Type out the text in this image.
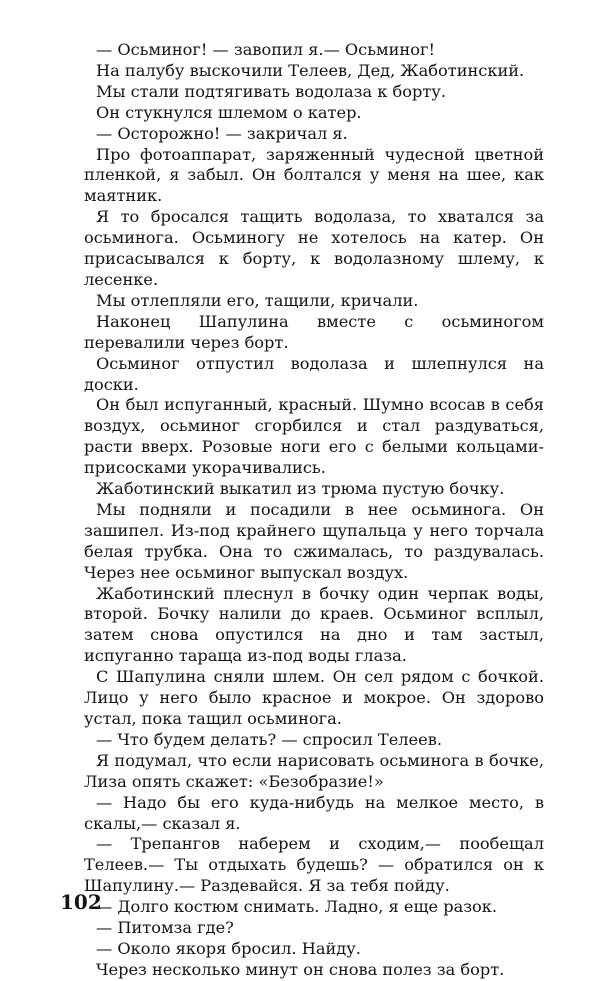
— Осьминог! — завопил я.— Осьминог!

На палубу выскочили Телеев, Дед, Жаботинский.

Мы стали подтягивать водолаза к борту.

Он стукнулся шлемом о катер.

— Осторожно! — закричал я.

Про фотоаппарат, заряженный чудесной цветной пленкой, я забыл. Он болтался у меня на шее, как маятник.

Я то бросался тащить водолаза, то хватался за осьминога. Осьминогу не хотелось на катер. Он присасывался к борту, к водолазному шлему, к лесенке.

Мы отлепляли его, тащили, кричали.

Наконец Шапулина вместе с осьминогом перевалили через борт.

Осьминог отпустил водолаза и шлепнулся на доски.

Он был испуганный, красный. Шумно всосав в себя воздух, осьминог сгорбился и стал раздуваться, расти вверх. Розовые ноги его с белыми кольцами-присосками укорачивались.

Жаботинский выкатил из трюма пустую бочку.

Мы подняли и посадили в нее осьминога. Он зашипел. Из-под крайнего щупальца у него торчала белая трубка. Она то сжималась, то раздувалась. Через нее осьминог выпускал воздух.

Жаботинский плеснул в бочку один черпак воды, второй. Бочку налили до краев. Осьминог всплыл, затем снова опустился на дно и там застыл, испуганно тараща из-под воды глаза.

С Шапулина сняли шлем. Он сел рядом с бочкой. Лицо у него было красное и мокрое. Он здорово устал, пока тащил осьминога.

— Что будем делать? — спросил Телеев.

Я подумал, что если нарисовать осьминога в бочке, Лиза опять скажет: «Безобразие!»

— Надо бы его куда-нибудь на мелкое место, в скалы,— сказал я.

— Трепангов наберем и сходим,— пообещал Телеев.— Ты отдыхать будешь? — обратился он к Шапулину.— Раздевайся. Я за тебя пойду.

— Долго костюм снимать. Ладно, я еще разок.

— Питомза где?

— Около якоря бросил. Найду.

Через несколько минут он снова полез за борт.

102
